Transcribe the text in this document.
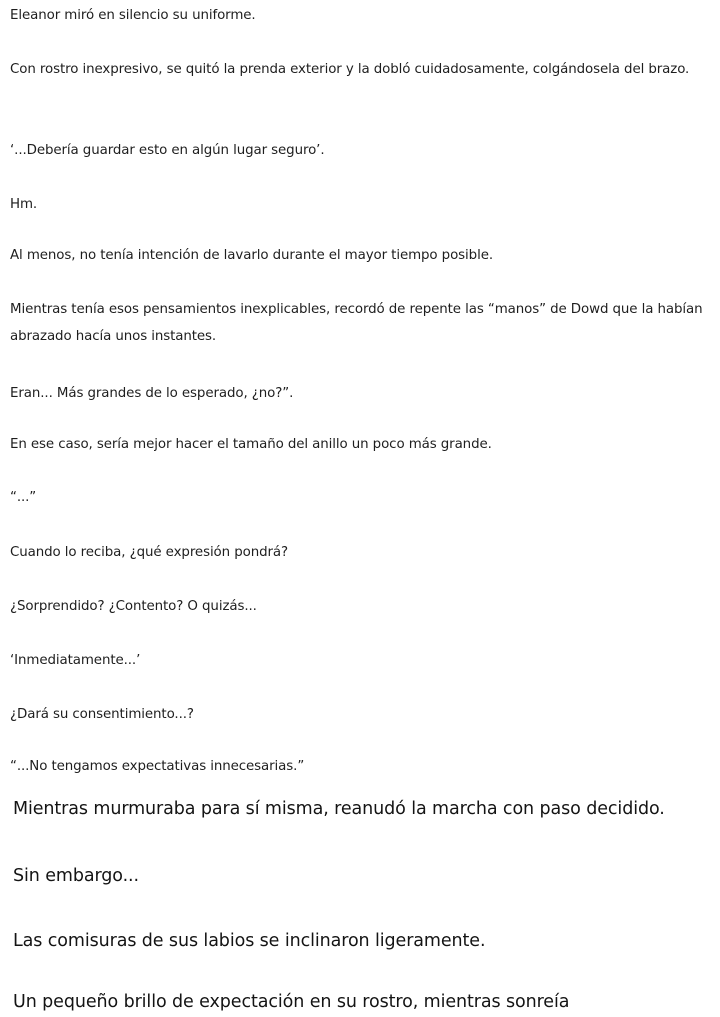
Eleanor miró en silencio su uniforme.

Con rostro inexpresivo, se quitó la prenda exterior y la dobló cuidadosamente, colgándosela del brazo.

‘...Debería guardar esto en algún lugar seguro’.

Hm.

Al menos, no tenía intención de lavarlo durante el mayor tiempo posible.

Mientras tenía esos pensamientos inexplicables, recordó de repente las “manos” de Dowd que la habían abrazado hacía unos instantes.

Eran... Más grandes de lo esperado, ¿no?”.

En ese caso, sería mejor hacer el tamaño del anillo un poco más grande.

“...”

Cuando lo reciba, ¿qué expresión pondrá?

¿Sorprendido? ¿Contento? O quizás...

‘Inmediatamente...’

¿Dará su consentimiento...?

“...No tengamos expectativas innecesarias.”

Mientras murmuraba para sí misma, reanudó la marcha con paso decidido.

Sin embargo...

Las comisuras de sus labios se inclinaron ligeramente.

Un pequeño brillo de expectación en su rostro, mientras sonreía
